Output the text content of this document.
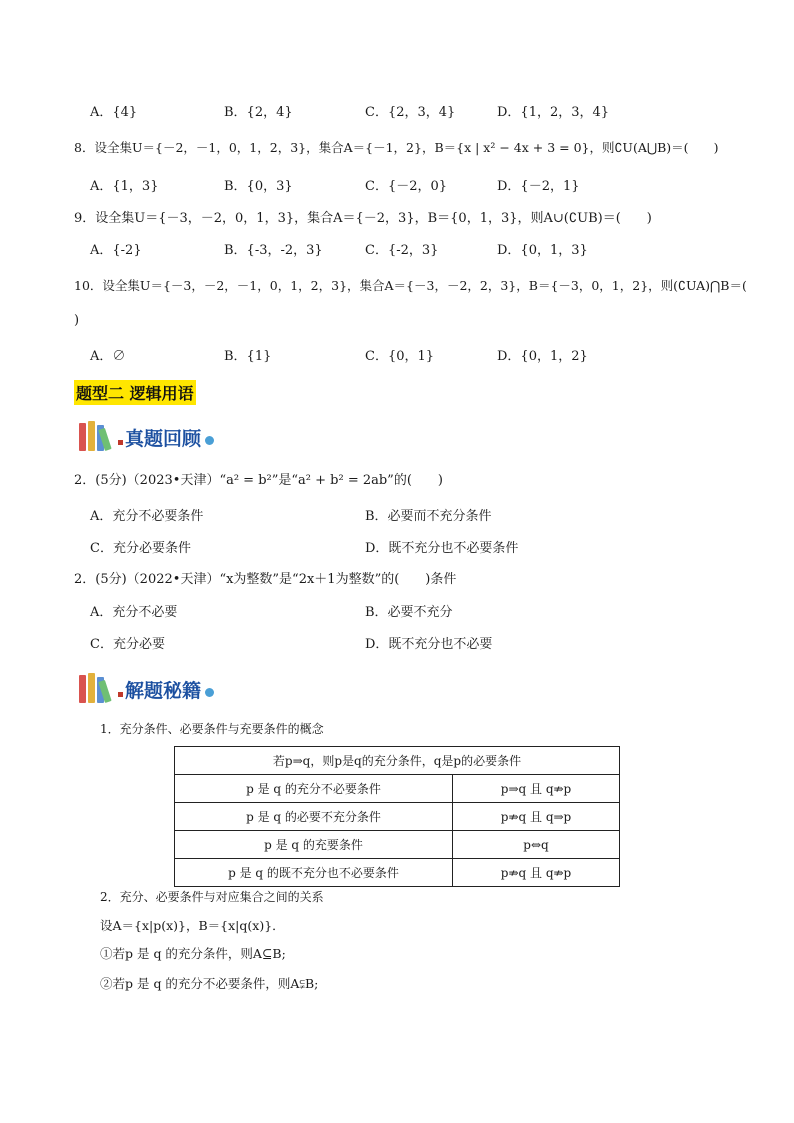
A．{4}	B．{2，4}	C．{2，3，4}	D．{1，2，3，4}
8．设全集U＝{－2，－1，0，1，2，3}，集合A＝{－1，2}，B＝{x | x² − 4x + 3 = 0}，则∁U(A⋃B)＝(　　)
A．{1，3}	B．{0，3}	C．{－2，0}	D．{－2，1}
9．设全集U＝{－3，－2，0，1，3}，集合A＝{－2，3}，B＝{0，1，3}，则A∪(∁UB)＝(　　)
A．{-2}	B．{-3，-2，3}	C．{-2，3}	D．{0，1，3}
10．设全集U＝{－3，－2，－1，0，1，2，3}，集合A＝{－3，－2，2，3}，B＝{－3，0，1，2}，则(∁UA)⋂B＝(
)
A．∅	B．{1}	C．{0，1}	D．{0，1，2}
题型二 逻辑用语
真题回顾
2．(5分)（2023•天津）“a² = b²”是“a² + b² = 2ab”的(　　)
A．充分不必要条件	B．必要而不充分条件
C．充分必要条件	D．既不充分也不必要条件
2．(5分)（2022•天津）“x为整数”是“2x＋1为整数”的(　　)条件
A．充分不必要	B．必要不充分
C．充分必要	D．既不充分也不必要
解题秘籍
1．充分条件、必要条件与充要条件的概念
若p⇒q，则p是q的充分条件，q是p的必要条件	
p 是 q 的充分不必要条件	p⇒q 且 q⇏p
p 是 q 的必要不充分条件	p⇏q 且 q⇒p
p 是 q 的充要条件	p⇔q
p 是 q 的既不充分也不必要条件	p⇏q 且 q⇏p
2．充分、必要条件与对应集合之间的关系
设A＝{x|p(x)}，B＝{x|q(x)}．
①若p 是 q 的充分条件，则A⊆B;
②若p 是 q 的充分不必要条件，则A⫋B;
